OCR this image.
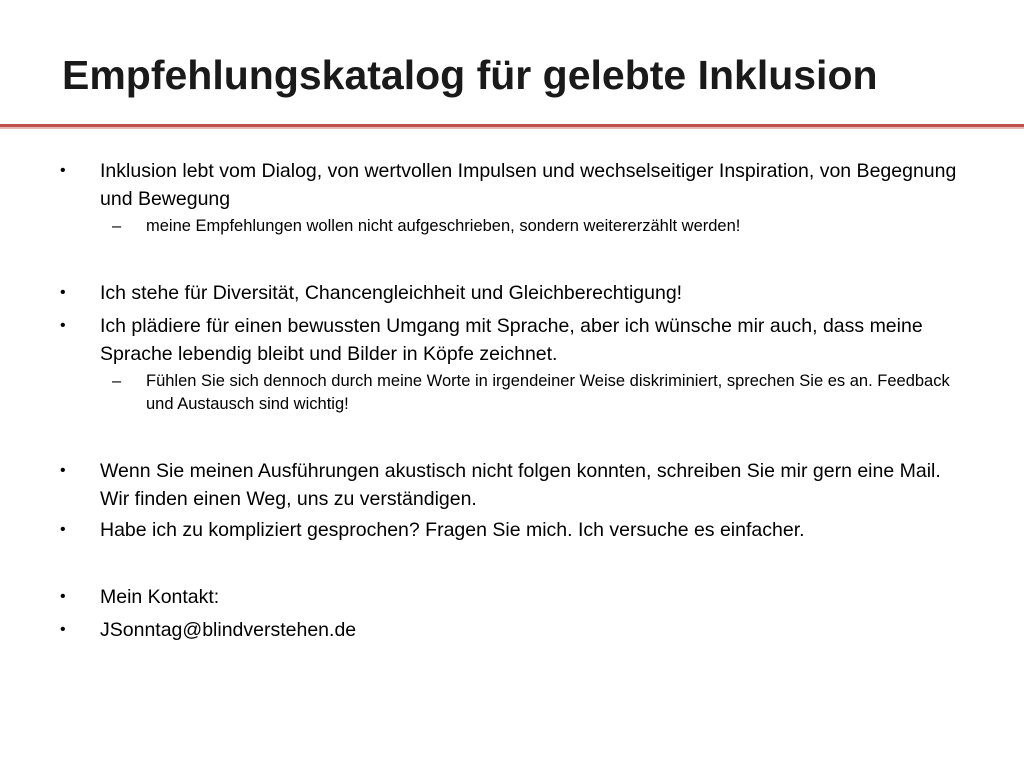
Empfehlungskatalog für gelebte Inklusion
•	Inklusion lebt vom Dialog, von wertvollen Impulsen und wechselseitiger Inspiration, von Begegnung und Bewegung
–	meine Empfehlungen wollen nicht aufgeschrieben, sondern weitererzählt werden!
•	Ich stehe für Diversität, Chancengleichheit und Gleichberechtigung!
•	Ich plädiere für einen bewussten Umgang mit Sprache, aber ich wünsche mir auch, dass meine Sprache lebendig bleibt und Bilder in Köpfe zeichnet.
–	Fühlen Sie sich dennoch durch meine Worte in irgendeiner Weise diskriminiert, sprechen Sie es an. Feedback und Austausch sind wichtig!
•	Wenn Sie meinen Ausführungen akustisch nicht folgen konnten, schreiben Sie mir gern eine Mail. Wir finden einen Weg, uns zu verständigen.
•	Habe ich zu kompliziert gesprochen? Fragen Sie mich. Ich versuche es einfacher.
•	Mein Kontakt:
•	JSonntag@blindverstehen.de
